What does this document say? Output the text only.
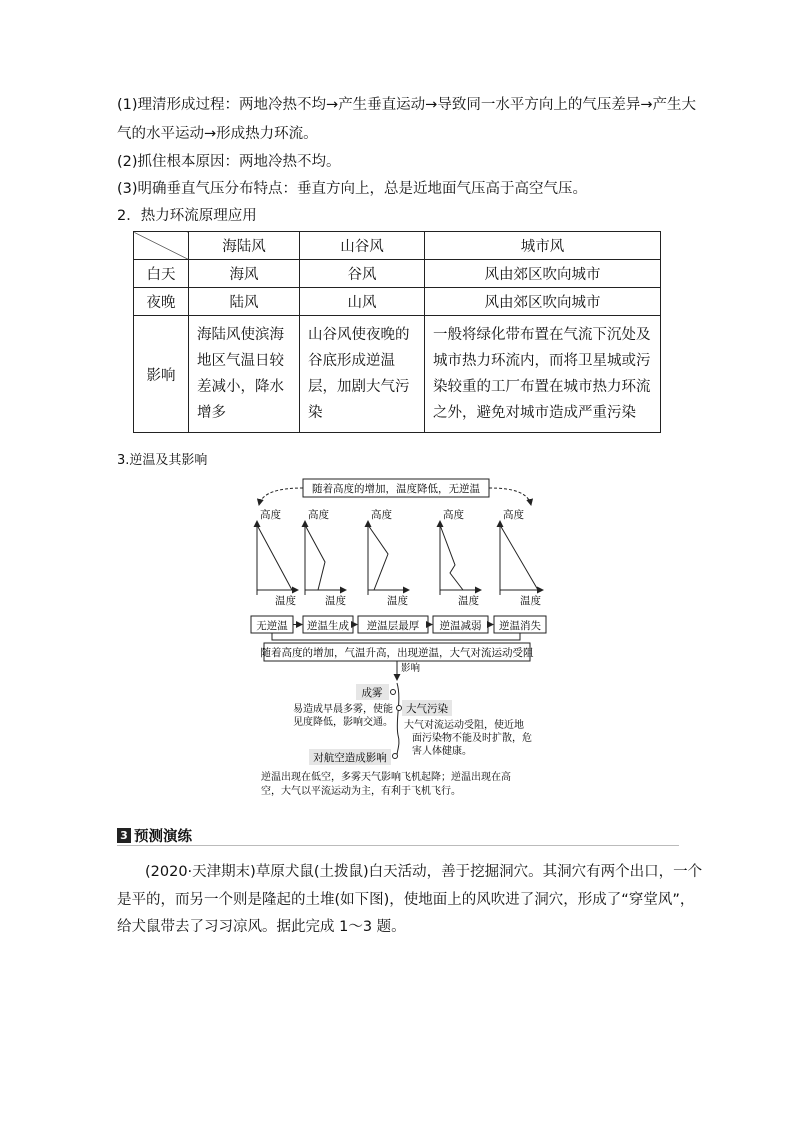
(1)理清形成过程：两地冷热不均→产生垂直运动→导致同一水平方向上的气压差异→产生大
气的水平运动→形成热力环流。
(2)抓住根本原因：两地冷热不均。
(3)明确垂直气压分布特点：垂直方向上，总是近地面气压高于高空气压。
2．热力环流原理应用
	海陆风	山谷风	城市风
白天	海风	谷风	风由郊区吹向城市
夜晚	陆风	山风	风由郊区吹向城市
影响	海陆风使滨海地区气温日较差减小，降水增多	山谷风使夜晚的谷底形成逆温层，加剧大气污染	一般将绿化带布置在气流下沉处及城市热力环流内，而将卫星城或污染较重的工厂布置在城市热力环流之外，避免对城市造成严重污染
3.逆温及其影响
随着高度的增加，温度降低，无逆温
高度
温度
高度
温度
高度
温度
高度
温度
高度
温度
无逆温 逆温生成 逆温层最厚 逆温减弱 逆温消失
随着高度的增加，气温升高，出现逆温，大气对流运动受阻
影响
成雾
易造成早晨多雾，使能
见度降低，影响交通。
大气污染
大气对流运动受阻，使近地
面污染物不能及时扩散，危
害人体健康。
对航空造成影响
逆温出现在低空，多雾天气影响飞机起降；逆温出现在高
空，大气以平流运动为主，有利于飞机飞行。
3 预测演练
(2020·天津期末)草原犬鼠(土拨鼠)白天活动，善于挖掘洞穴。其洞穴有两个出口，一个
是平的，而另一个则是隆起的土堆(如下图)，使地面上的风吹进了洞穴，形成了“穿堂风”，
给犬鼠带去了习习凉风。据此完成 1～3 题。
